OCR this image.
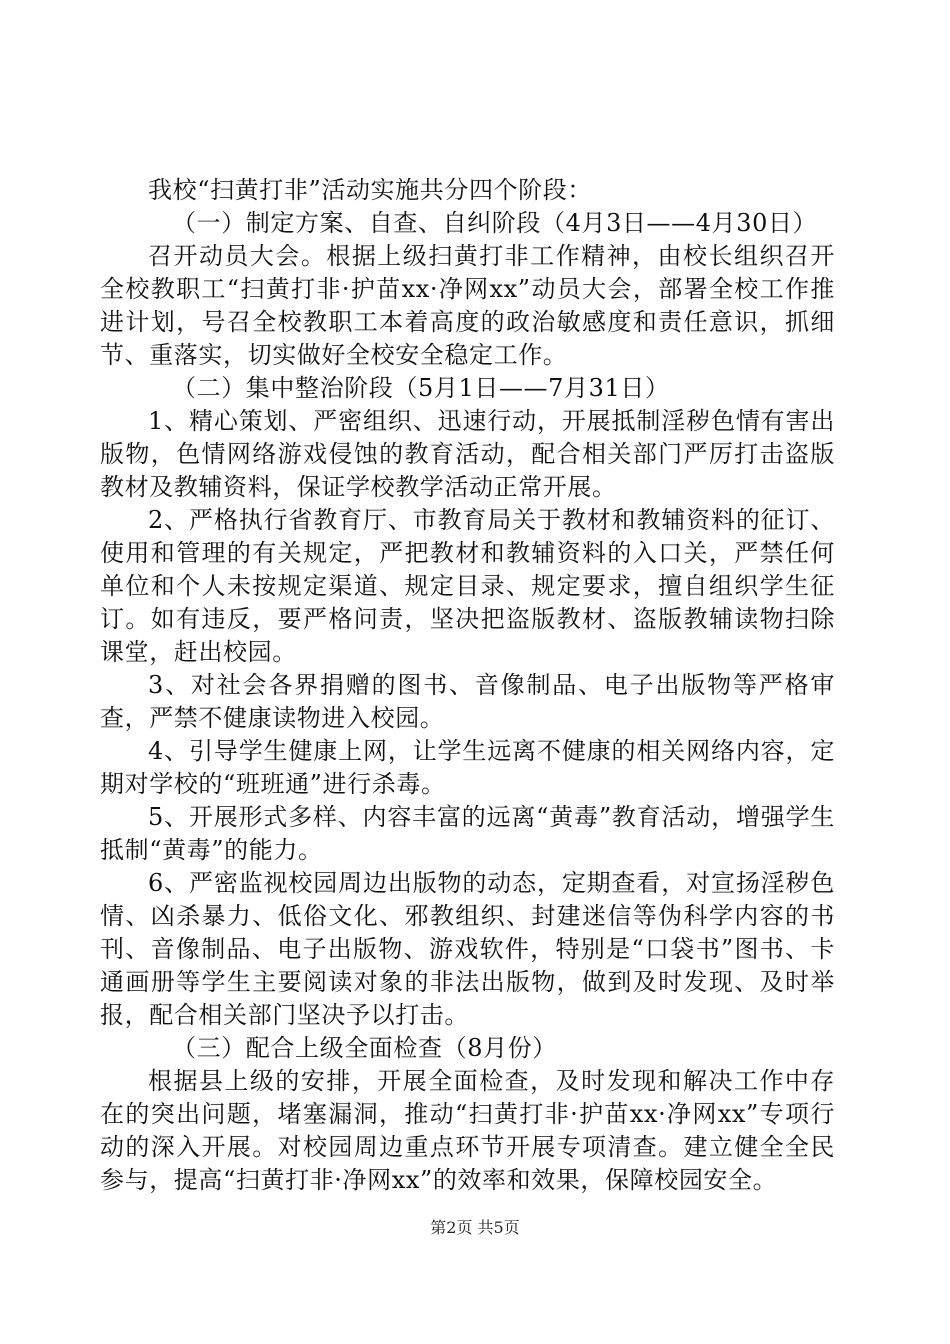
我校“扫黄打非”活动实施共分四个阶段：

（一）制定方案、自查、自纠阶段（4月3日——4月30日）

召开动员大会。根据上级扫黄打非工作精神，由校长组织召开全校教职工“扫黄打非·护苗xx·净网xx”动员大会，部署全校工作推进计划，号召全校教职工本着高度的政治敏感度和责任意识，抓细节、重落实，切实做好全校安全稳定工作。

（二）集中整治阶段（5月1日——7月31日）

1、精心策划、严密组织、迅速行动，开展抵制淫秽色情有害出版物，色情网络游戏侵蚀的教育活动，配合相关部门严厉打击盗版教材及教辅资料，保证学校教学活动正常开展。

2、严格执行省教育厅、市教育局关于教材和教辅资料的征订、使用和管理的有关规定，严把教材和教辅资料的入口关，严禁任何单位和个人未按规定渠道、规定目录、规定要求，擅自组织学生征订。如有违反，要严格问责，坚决把盗版教材、盗版教辅读物扫除课堂，赶出校园。

3、对社会各界捐赠的图书、音像制品、电子出版物等严格审查，严禁不健康读物进入校园。

4、引导学生健康上网，让学生远离不健康的相关网络内容，定期对学校的“班班通”进行杀毒。

5、开展形式多样、内容丰富的远离“黄毒”教育活动，增强学生抵制“黄毒”的能力。

6、严密监视校园周边出版物的动态，定期查看，对宣扬淫秽色情、凶杀暴力、低俗文化、邪教组织、封建迷信等伪科学内容的书刊、音像制品、电子出版物、游戏软件，特别是“口袋书”图书、卡通画册等学生主要阅读对象的非法出版物，做到及时发现、及时举报，配合相关部门坚决予以打击。

（三）配合上级全面检查（8月份）

根据县上级的安排，开展全面检查，及时发现和解决工作中存在的突出问题，堵塞漏洞，推动“扫黄打非·护苗xx·净网xx”专项行动的深入开展。对校园周边重点环节开展专项清查。建立健全全民参与，提高“扫黄打非·净网xx”的效率和效果，保障校园安全。

第2页 共5页
